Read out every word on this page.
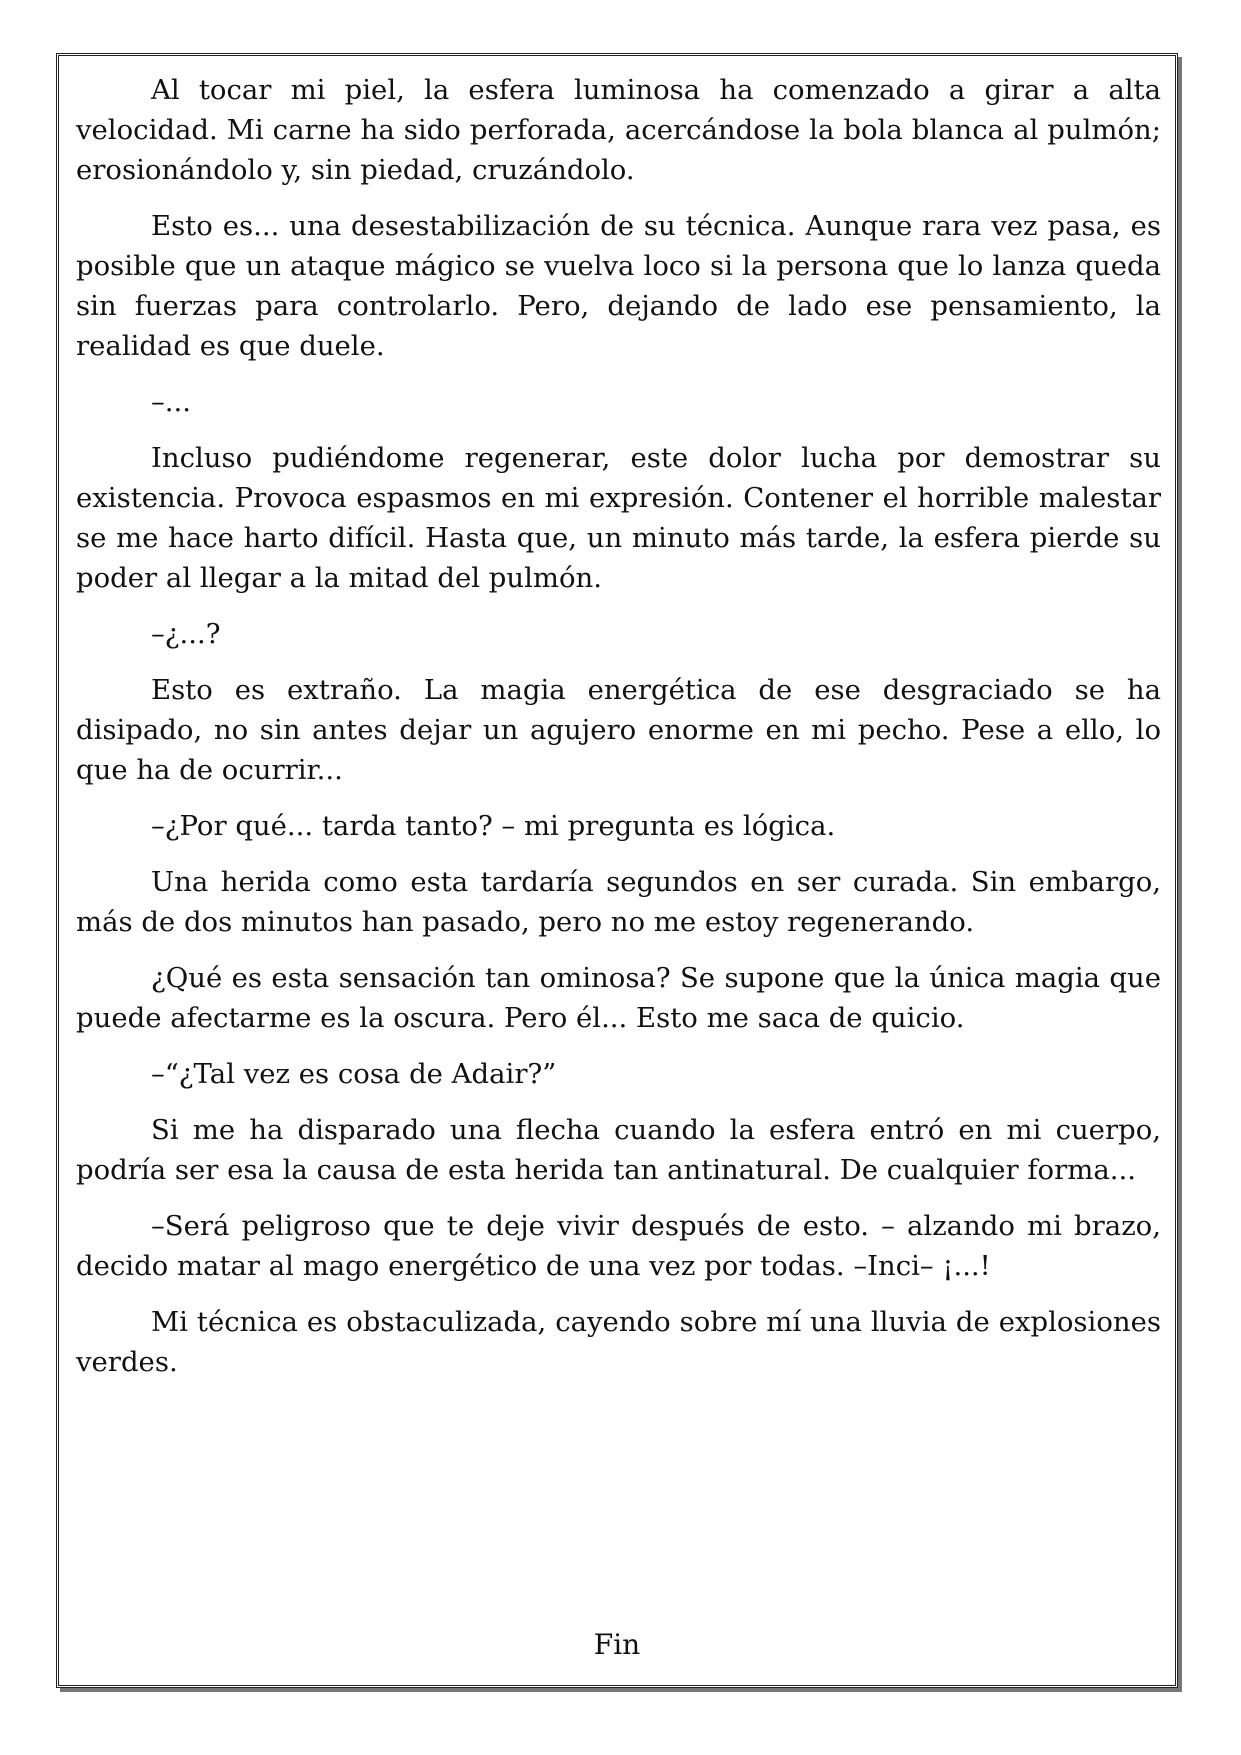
Al tocar mi piel, la esfera luminosa ha comenzado a girar a alta velocidad. Mi carne ha sido perforada, acercándose la bola blanca al pulmón; erosionándolo y, sin piedad, cruzándolo.

Esto es... una desestabilización de su técnica. Aunque rara vez pasa, es posible que un ataque mágico se vuelva loco si la persona que lo lanza queda sin fuerzas para controlarlo. Pero, dejando de lado ese pensamiento, la realidad es que duele.

–...

Incluso pudiéndome regenerar, este dolor lucha por demostrar su existencia. Provoca espasmos en mi expresión. Contener el horrible malestar se me hace harto difícil. Hasta que, un minuto más tarde, la esfera pierde su poder al llegar a la mitad del pulmón.

–¿...?

Esto es extraño. La magia energética de ese desgraciado se ha disipado, no sin antes dejar un agujero enorme en mi pecho. Pese a ello, lo que ha de ocurrir...

–¿Por qué... tarda tanto? – mi pregunta es lógica.

Una herida como esta tardaría segundos en ser curada. Sin embargo, más de dos minutos han pasado, pero no me estoy regenerando.

¿Qué es esta sensación tan ominosa? Se supone que la única magia que puede afectarme es la oscura. Pero él... Esto me saca de quicio.

–“¿Tal vez es cosa de Adair?”

Si me ha disparado una flecha cuando la esfera entró en mi cuerpo, podría ser esa la causa de esta herida tan antinatural. De cualquier forma...

–Será peligroso que te deje vivir después de esto. – alzando mi brazo, decido matar al mago energético de una vez por todas. –Inci– ¡...!

Mi técnica es obstaculizada, cayendo sobre mí una lluvia de explosiones verdes.

Fin
